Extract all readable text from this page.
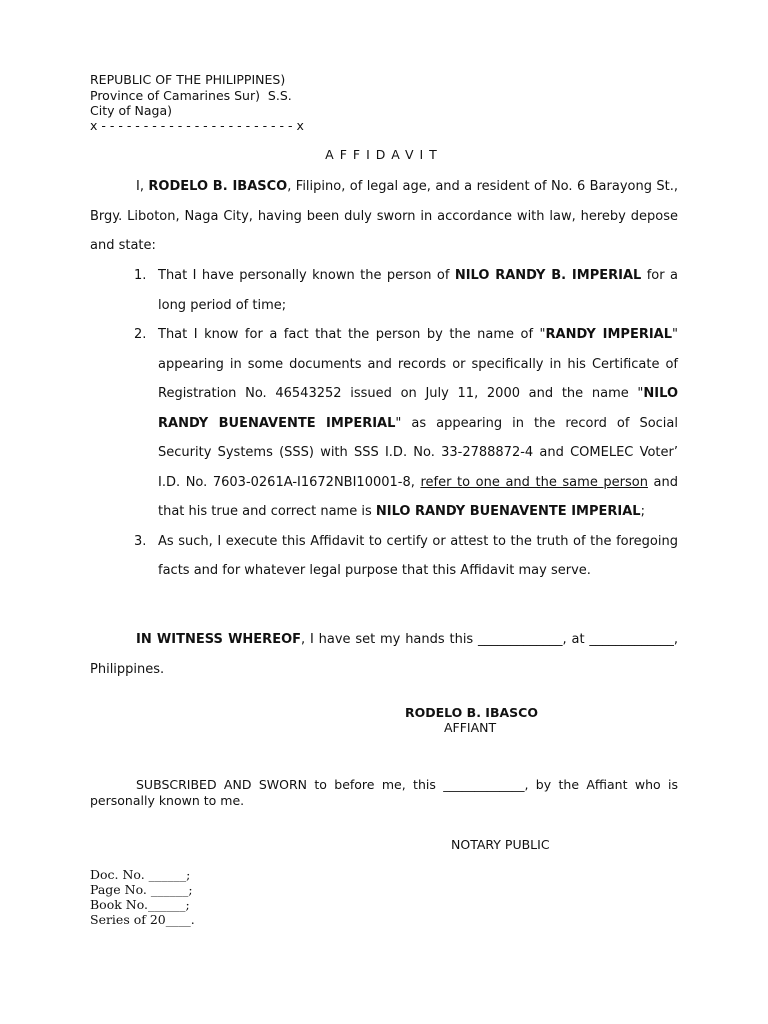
REPUBLIC OF THE PHILIPPINES)
Province of Camarines Sur)  S.S.
City of Naga)
x - - - - - - - - - - - - - - - - - - - - - - - x
AFFIDAVIT
I, RODELO B. IBASCO, Filipino, of legal age, and a resident of No. 6 Barayong St., Brgy. Liboton, Naga City, having been duly sworn in accordance with law, hereby depose and state:
1. That I have personally known the person of NILO RANDY B. IMPERIAL for a long period of time;
2. That I know for a fact that the person by the name of "RANDY IMPERIAL" appearing in some documents and records or specifically in his Certificate of Registration No. 46543252 issued on July 11, 2000 and the name "NILO RANDY BUENAVENTE IMPERIAL" as appearing in the record of Social Security Systems (SSS) with SSS I.D. No. 33-2788872-4 and COMELEC Voter’ I.D. No. 7603-0261A-I1672NBI10001-8, refer to one and the same person and that his true and correct name is NILO RANDY BUENAVENTE IMPERIAL;
3. As such, I execute this Affidavit to certify or attest to the truth of the foregoing facts and for whatever legal purpose that this Affidavit may serve.
IN WITNESS WHEREOF, I have set my hands this _____________, at _____________, Philippines.
RODELO B. IBASCO
AFFIANT
SUBSCRIBED AND SWORN to before me, this _____________, by the Affiant who is personally known to me.
NOTARY PUBLIC
Doc. No. ______;
Page No. ______;
Book No.______;
Series of 20____.
